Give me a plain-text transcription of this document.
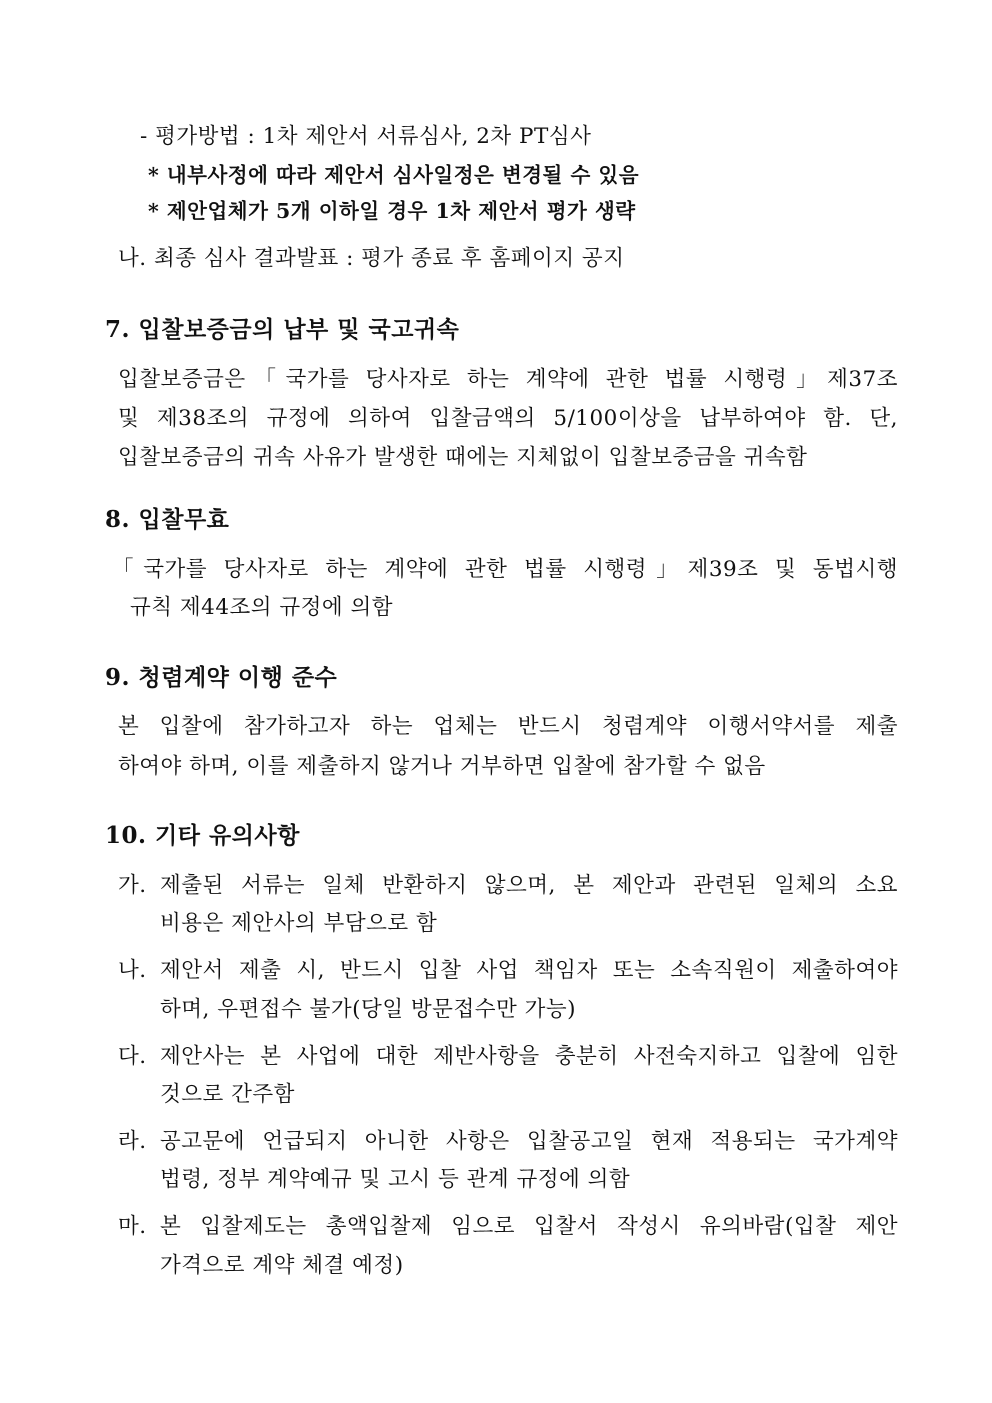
- 평가방법 : 1차 제안서 서류심사, 2차 PT심사
* 내부사정에 따라 제안서 심사일정은 변경될 수 있음
* 제안업체가 5개 이하일 경우 1차 제안서 평가 생략
나. 최종 심사 결과발표 : 평가 종료 후 홈페이지 공지
7. 입찰보증금의 납부 및 국고귀속
입찰보증금은「국가를 당사자로 하는 계약에 관한 법률 시행령」제37조
및 제38조의 규정에 의하여 입찰금액의 5/100이상을 납부하여야 함. 단,
입찰보증금의 귀속 사유가 발생한 때에는 지체없이 입찰보증금을 귀속함
8. 입찰무효
「국가를 당사자로 하는 계약에 관한 법률 시행령」제39조 및 동법시행
규칙 제44조의 규정에 의함
9. 청렴계약 이행 준수
본 입찰에 참가하고자 하는 업체는 반드시 청렴계약 이행서약서를 제출
하여야 하며, 이를 제출하지 않거나 거부하면 입찰에 참가할 수 없음
10. 기타 유의사항
가. 제출된 서류는 일체 반환하지 않으며, 본 제안과 관련된 일체의 소요
비용은 제안사의 부담으로 함
나. 제안서 제출 시, 반드시 입찰 사업 책임자 또는 소속직원이 제출하여야
하며, 우편접수 불가(당일 방문접수만 가능)
다. 제안사는 본 사업에 대한 제반사항을 충분히 사전숙지하고 입찰에 임한
것으로 간주함
라. 공고문에 언급되지 아니한 사항은 입찰공고일 현재 적용되는 국가계약
법령, 정부 계약예규 및 고시 등 관계 규정에 의함
마. 본 입찰제도는 총액입찰제 임으로 입찰서 작성시 유의바람(입찰 제안
가격으로 계약 체결 예정)
